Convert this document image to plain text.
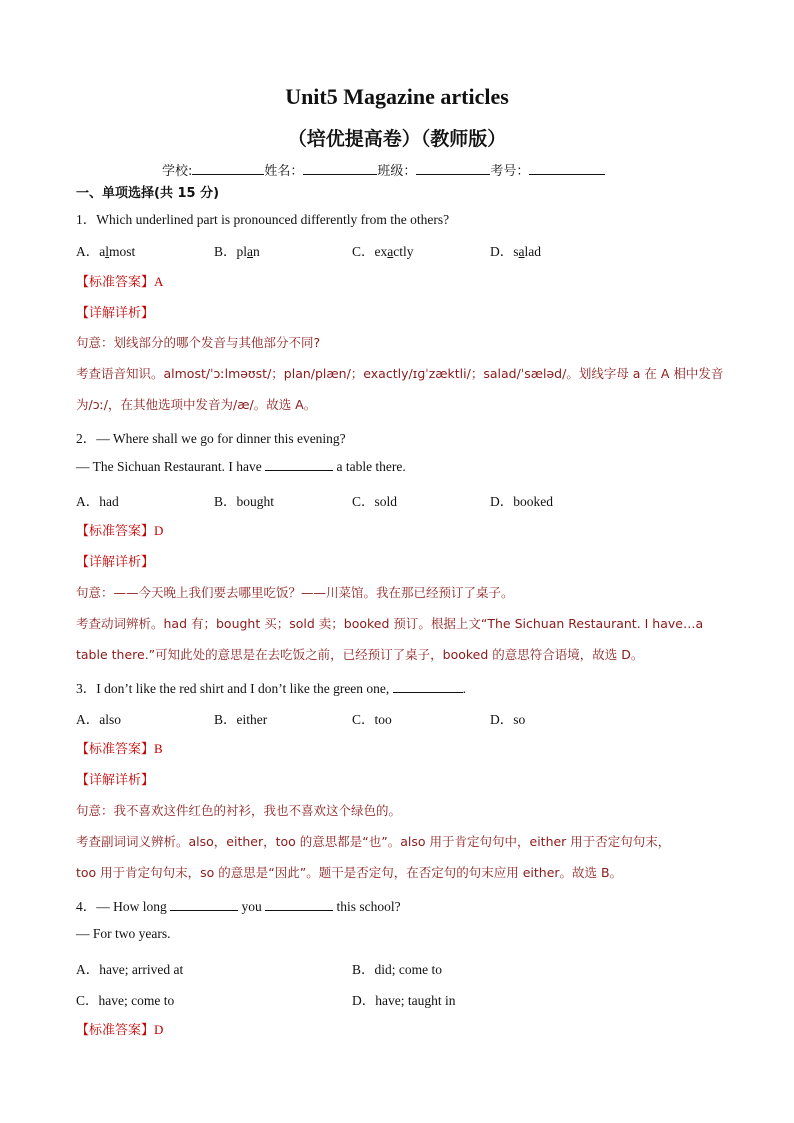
Unit5 Magazine articles
（培优提高卷）（教师版）
学校:	姓名：	班级：	考号：
一、单项选择(共 15 分)
1．Which underlined part is pronounced differently from the others?
A．almost	B．plan	C．exactly	D．salad
【标准答案】A
【详解详析】
句意：划线部分的哪个发音与其他部分不同?
考查语音知识。almost/ˈɔːlməʊst/；plan/plæn/；exactly/ɪɡˈzæktli/；salad/ˈsæləd/。划线字母 a 在 A 相中发音
为/ɔː/，在其他选项中发音为/æ/。故选 A。
2．— Where shall we go for dinner this evening?
— The Sichuan Restaurant. I have	a table there.
A．had	B．bought	C．sold	D．booked
【标准答案】D
【详解详析】
句意：——今天晚上我们要去哪里吃饭？——川菜馆。我在那已经预订了桌子。
考查动词辨析。had 有；bought 买；sold 卖；booked 预订。根据上文“The Sichuan Restaurant. I have…a
table there.”可知此处的意思是在去吃饭之前，已经预订了桌子，booked 的意思符合语境，故选 D。
3．I don’t like the red shirt and I don’t like the green one,	.
A．also	B．either	C．too	D．so
【标准答案】B
【详解详析】
句意：我不喜欢这件红色的衬衫，我也不喜欢这个绿色的。
考查副词词义辨析。also，either，too 的意思都是“也”。also 用于肯定句句中，either 用于否定句句末，
too 用于肯定句句末，so 的意思是“因此”。题干是否定句，在否定句的句末应用 either。故选 B。
4．— How long	you	this school?
— For two years.
A．have; arrived at	B．did; come to
C．have; come to	D．have; taught in
【标准答案】D
